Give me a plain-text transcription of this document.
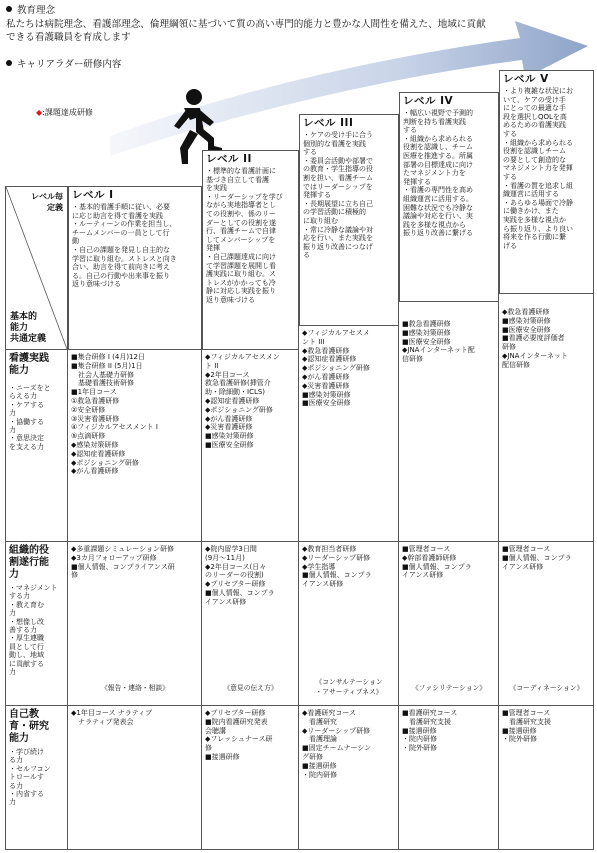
教育理念
私たちは病院理念、看護部理念、倫理綱領に基づいて質の高い専門的能力と豊かな人間性を備えた、地域に貢献
できる看護職員を育成します
キャリアラダー研修内容
◆:課題達成研修
レベル毎
定義
基本的
能力
共通定義
レベル I
・基本的看護手順に従い、必要
に応じ助言を得て看護を実践
・ルーティーンの作業を担当し、
チームメンバーの一員として行
動
・自己の課題を発見し自主的な
学習に取り組む。ストレスと向き
合い、助言を得て前向きに考え
る。自己の行動や出来事を振り
返り意味づける
レベル II
・標準的な看護計画に
基づき自立して看護
を実践
・リーダーシップを学び
ながら実地指導者とし
ての役割や、係のリー
ダーとしての役割を遂
行、看護チームで自律
してメンバーシップを
発揮
・自己課題達成に向け
て学習課題を展開し看
護実践に取り組む。ス
トレスがかかっても冷
静に対応し実践を振り
返り意味づける
レベル III
・ケアの受け手に合う
個別的な看護を実践
する
・委員会活動や部署で
の教育・学生指導の役
割を担い、看護チーム
ではリーダーシップを
発揮する
・長期展望に立ち自己
の学習活動に積極的
に取り組む
・常に冷静な議論や対
応を行い、また実践を
振り返り改善につなげ
る
レベル IV
・幅広い視野で予測的
判断を持ち看護実践
する
・組織から求められる
役割を認識し、チーム
医療を推進する。所属
部署の目標達成に向け
たマネジメント力を
発揮する
・看護の専門性を高め
組織運営に活用する。
困難な状況でも冷静な
議論や対応を行い、実
践を多様な視点から
振り返り改善に繋げる
レベル V
・より複雑な状況にお
いて、ケアの受け手
にとっての最適な手
段を選択しQOLを高
めるための看護実践
する
・組織から求められる
役割を認識しチーム
の要として創造的な
マネジメント力を発揮
する
・看護の質を追求し組
織運営に活用する
・あらゆる場面で冷静
に働きかけ、また
実践を多様な視点か
ら振り返り、より良い
将来を作る行動に繋
げる
看護実践
能力
・ニーズをと
らえる力
・ケアする
力
・協働する
力
・意思決定
を支える力
■集合研修 I (4月)12日
■集合研修 II (5月)1日
　社会人基礎力研修
　基礎看護技術研修
■1年目コース
①救急看護研修
②安全研修
③災害看護研修
④フィジカルアセスメント I
⑤点滴研修
◆感染対策研修
◆認知症看護研修
◆ポジショニング研修
◆がん看護研修
◆フィジカルアセスメン
ト II
◆2年目コース
救急看護研修(挿管介
助・除細動・ICLS)
◆認知症看護研修
◆ポジショニング研修
◆がん看護研修
◆災害看護研修
■感染対策研修
■医療安全研修
◆フィジカルアセスメ
ント III
◆救急看護研修
◆認知症看護研修
◆ポジショニング研修
◆がん看護研修
◆災害看護研修
■感染対策研修
■医療安全研修
■救急看護研修
■感染対策研修
■医療安全研修
◆JNAインターネット配
信研修
◆救急看護研修
■感染対策研修
■医療安全研修
■看護必要度評価者
研修
◆JNAインターネット
配信研修
組織的役
割遂行能
力
・マネジメント
する力
・教え育む
力
・想像し改
善する力
・厚生連職
員として行
動し、地域
に貢献する
力
◆多重課題シミュレーション研修
◆3カ月フォローアップ研修
■個人情報、コンプライアンス研
修
《報告・連絡・相談》
◆院内留学3日間
(9月～11月)
◆2年目コース(日々
のリーダーの役割)
◆プリセプター研修
■個人情報、コンプラ
イアンス研修
《意見の伝え方》
◆教育担当者研修
◆リーダーシップ研修
◆学生指導
■個人情報、コンプラ
イアンス研修
《コンサルテーション
・アサーティブネス》
■管理者コース
◆幹部看護師研修
■個人情報、コンプラ
イアンス研修
《ファシリテーション》
■管理者コース
■個人情報、コンプラ
イアンス研修
《コーディネーション》
自己教
育・研究
能力
・学び続け
る力
・セルフコン
トロールす
る力
・内省する
力
◆1年目コース ナラティブ
　ナラティブ発表会
◆プリセプター研修
■院内看護研究発表
会聴講
◆フレッシュナース研
修
■接遇研修
◆看護研究コース
　看護研究
◆リーダーシップ研修
　看護理論
■固定チームナーシン
グ研修
■接遇研修
・院内研修
■看護研究コース
　看護研究支援
■接遇研修
・院内研修
・院外研修
■管理者コース
　看護研究支援
■接遇研修
・院外研修
